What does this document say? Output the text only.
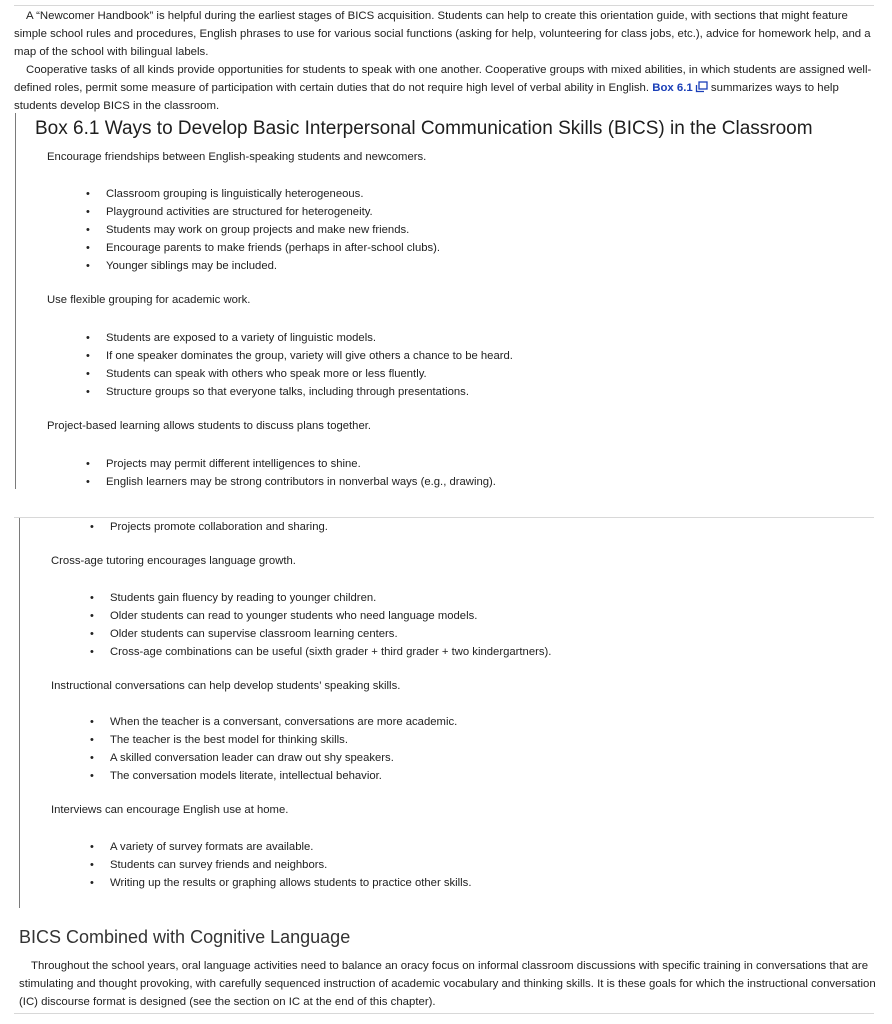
A “Newcomer Handbook” is helpful during the earliest stages of BICS acquisition. Students can help to create this orientation guide, with sections that might feature simple school rules and procedures, English phrases to use for various social functions (asking for help, volunteering for class jobs, etc.), advice for homework help, and a map of the school with bilingual labels.

Cooperative tasks of all kinds provide opportunities for students to speak with one another. Cooperative groups with mixed abilities, in which students are assigned well-defined roles, permit some measure of participation with certain duties that do not require high level of verbal ability in English. Box 6.1 summarizes ways to help students develop BICS in the classroom.

Box 6.1 Ways to Develop Basic Interpersonal Communication Skills (BICS) in the Classroom

Encourage friendships between English-speaking students and newcomers.

• Classroom grouping is linguistically heterogeneous.
• Playground activities are structured for heterogeneity.
• Students may work on group projects and make new friends.
• Encourage parents to make friends (perhaps in after-school clubs).
• Younger siblings may be included.

Use flexible grouping for academic work.

• Students are exposed to a variety of linguistic models.
• If one speaker dominates the group, variety will give others a chance to be heard.
• Students can speak with others who speak more or less fluently.
• Structure groups so that everyone talks, including through presentations.

Project-based learning allows students to discuss plans together.

• Projects may permit different intelligences to shine.
• English learners may be strong contributors in nonverbal ways (e.g., drawing).
• Projects promote collaboration and sharing.

Cross-age tutoring encourages language growth.

• Students gain fluency by reading to younger children.
• Older students can read to younger students who need language models.
• Older students can supervise classroom learning centers.
• Cross-age combinations can be useful (sixth grader + third grader + two kindergartners).

Instructional conversations can help develop students’ speaking skills.

• When the teacher is a conversant, conversations are more academic.
• The teacher is the best model for thinking skills.
• A skilled conversation leader can draw out shy speakers.
• The conversation models literate, intellectual behavior.

Interviews can encourage English use at home.

• A variety of survey formats are available.
• Students can survey friends and neighbors.
• Writing up the results or graphing allows students to practice other skills.
BICS Combined with Cognitive Language

Throughout the school years, oral language activities need to balance an oracy focus on informal classroom discussions with specific training in conversations that are stimulating and thought provoking, with carefully sequenced instruction of academic vocabulary and thinking skills. It is these goals for which the instructional conversation (IC) discourse format is designed (see the section on IC at the end of this chapter).
